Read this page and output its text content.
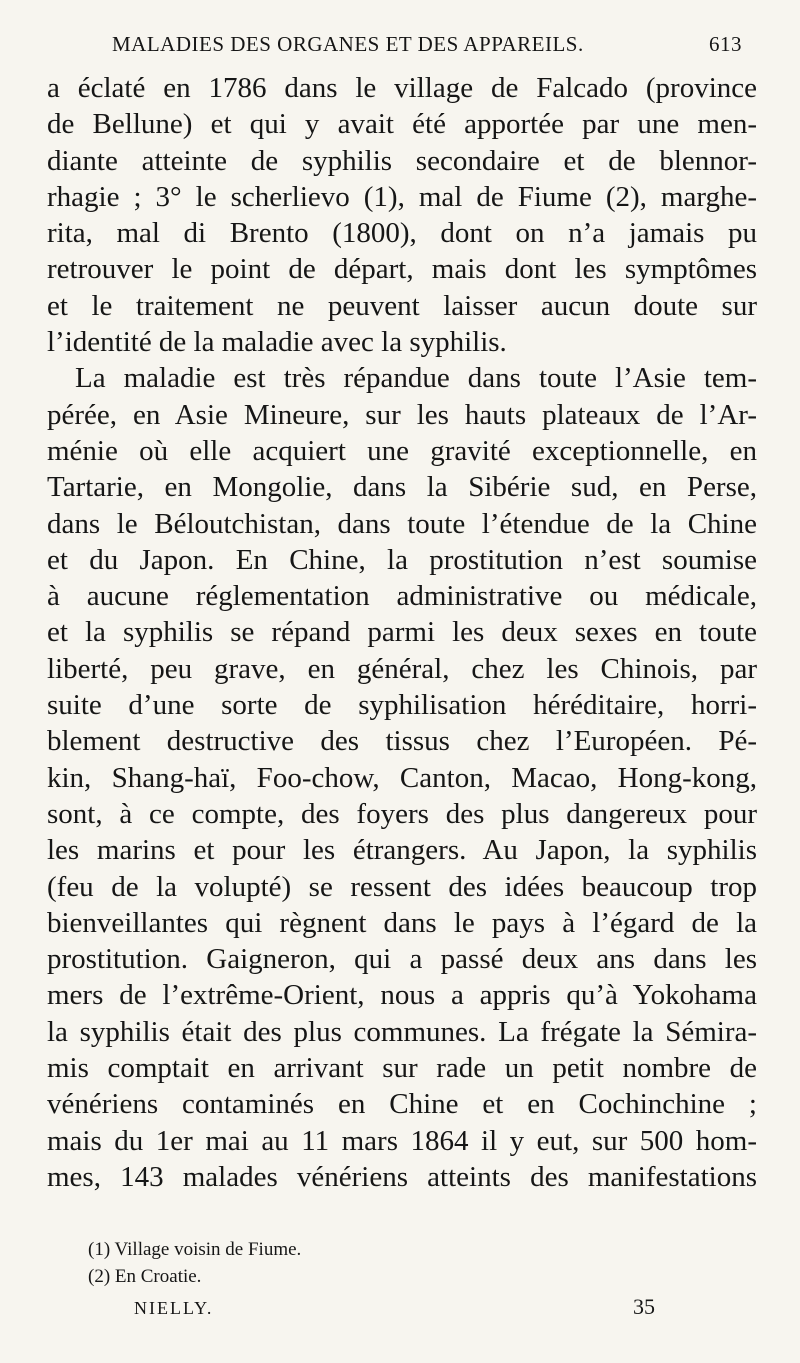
MALADIES DES ORGANES ET DES APPAREILS.	613
a éclaté en 1786 dans le village de Falcado (province
de Bellune) et qui y avait été apportée par une men-
diante atteinte de syphilis secondaire et de blennor-
rhagie ; 3° le scherlievo (1), mal de Fiume (2), marghe-
rita, mal di Brento (1800), dont on n’a jamais pu
retrouver le point de départ, mais dont les symptômes
et le traitement ne peuvent laisser aucun doute sur
l’identité de la maladie avec la syphilis.
La maladie est très répandue dans toute l’Asie tem-
pérée, en Asie Mineure, sur les hauts plateaux de l’Ar-
ménie où elle acquiert une gravité exceptionnelle, en
Tartarie, en Mongolie, dans la Sibérie sud, en Perse,
dans le Béloutchistan, dans toute l’étendue de la Chine
et du Japon. En Chine, la prostitution n’est soumise
à aucune réglementation administrative ou médicale,
et la syphilis se répand parmi les deux sexes en toute
liberté, peu grave, en général, chez les Chinois, par
suite d’une sorte de syphilisation héréditaire, horri-
blement destructive des tissus chez l’Européen. Pé-
kin, Shang-haï, Foo-chow, Canton, Macao, Hong-kong,
sont, à ce compte, des foyers des plus dangereux pour
les marins et pour les étrangers. Au Japon, la syphilis
(feu de la volupté) se ressent des idées beaucoup trop
bienveillantes qui règnent dans le pays à l’égard de la
prostitution. Gaigneron, qui a passé deux ans dans les
mers de l’extrême-Orient, nous a appris qu’à Yokohama
la syphilis était des plus communes. La frégate la Sémira-
mis comptait en arrivant sur rade un petit nombre de
vénériens contaminés en Chine et en Cochinchine ;
mais du 1er mai au 11 mars 1864 il y eut, sur 500 hom-
mes, 143 malades vénériens atteints des manifestations
(1) Village voisin de Fiume.
(2) En Croatie.
NIELLY.	35
